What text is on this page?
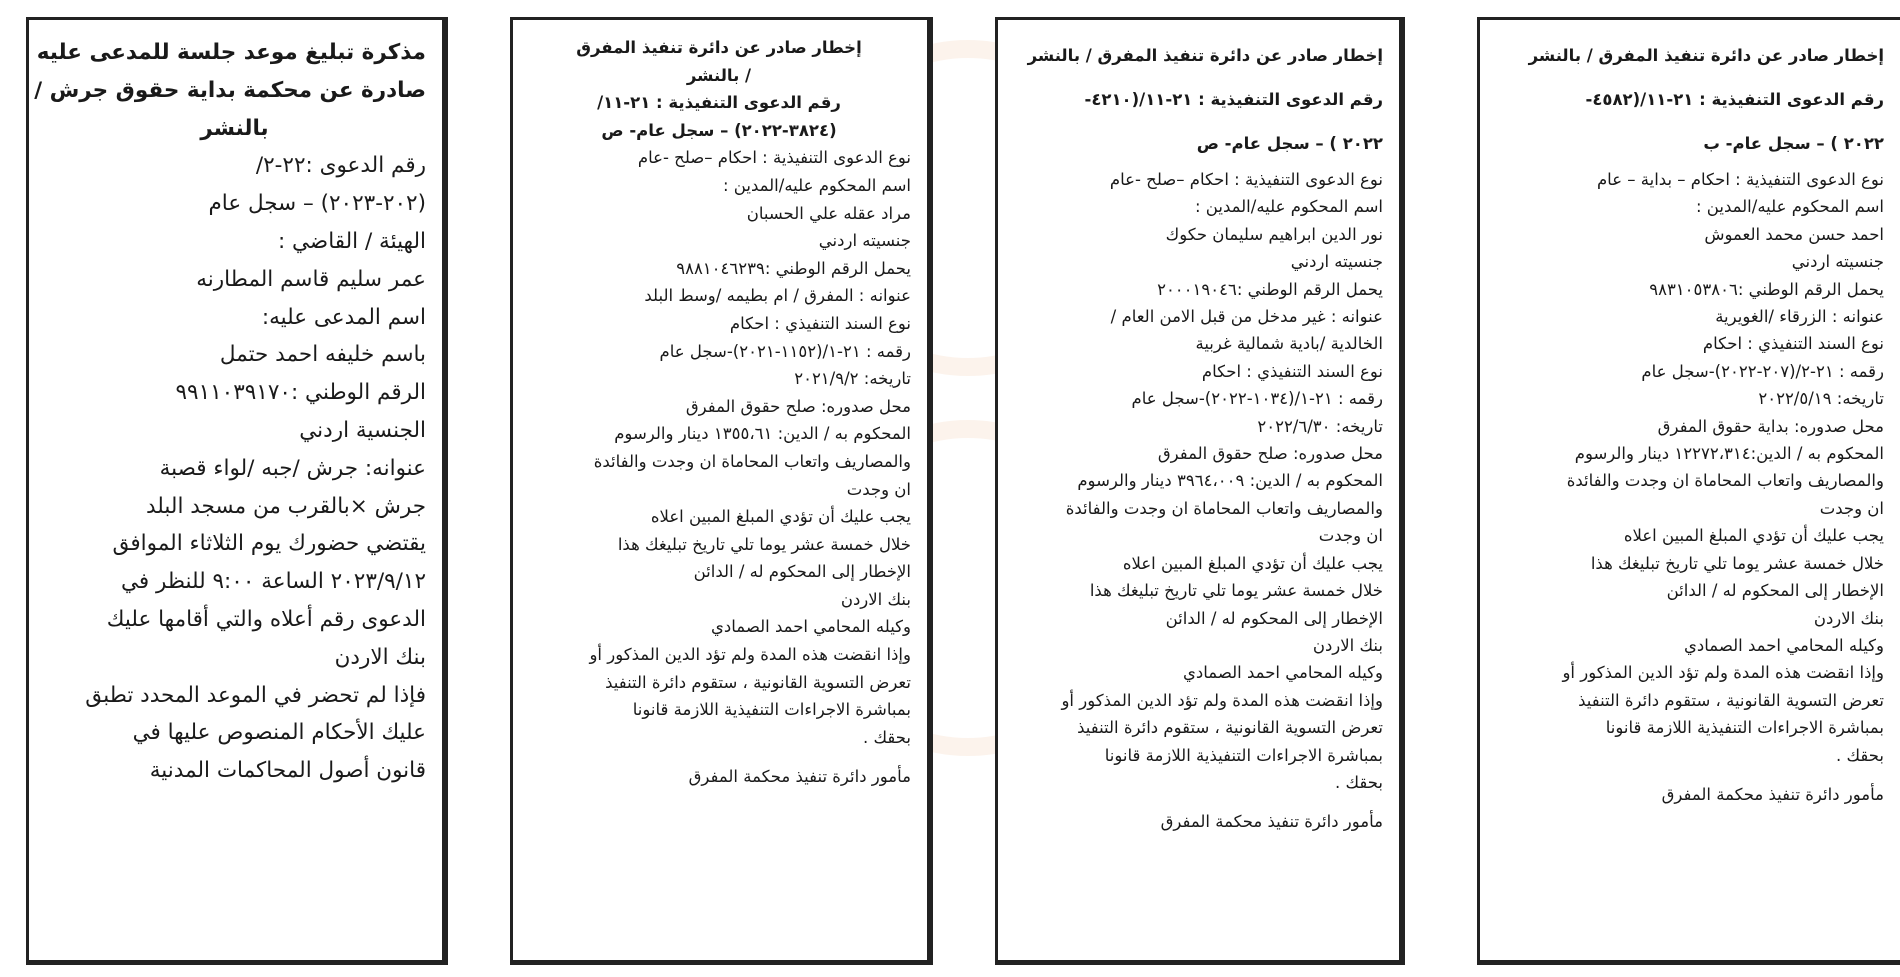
مذكرة تبليغ موعد جلسة للمدعى عليه
صادرة عن محكمة بداية حقوق جرش /
بالنشر
رقم الدعوى :٢٢-٢/
(٢٠٢-٢٠٢٣) – سجل عام
الهيئة / القاضي :
عمر سليم قاسم المطارنه
اسم المدعى عليه:
باسم خليفه احمد حتمل
الرقم الوطني :٩٩١١٠٣٩١٧٠
الجنسية اردني
عنوانه: جرش /جبه /لواء قصبة
جرش ×بالقرب من مسجد البلد
يقتضي حضورك يوم الثلاثاء الموافق
٢٠٢٣/٩/١٢ الساعة ٩:٠٠ للنظر في
الدعوى رقم أعلاه والتي أقامها عليك
بنك الاردن
فإذا لم تحضر في الموعد المحدد تطبق
عليك الأحكام المنصوص عليها في
قانون أصول المحاكمات المدنية
إخطار صادر عن دائرة تنفيذ المفرق
/ بالنشر
رقم الدعوى التنفيذية : ٢١-١١/
(٣٨٢٤-٢٠٢٢) – سجل عام- ص
نوع الدعوى التنفيذية : احكام –صلح -عام
اسم المحكوم عليه/المدين :
مراد عقله علي الحسبان
جنسيته اردني
يحمل الرقم الوطني :٩٨٨١٠٤٦٢٣٩
عنوانه : المفرق / ام بطيمه /وسط البلد
نوع السند التنفيذي : احكام
رقمه : ٢١-١/(١١٥٢-٢٠٢١)-سجل عام
تاريخه: ٢٠٢١/٩/٢
محل صدوره: صلح حقوق المفرق
المحكوم به / الدين: ١٣٥٥،٦١ دينار والرسوم
والمصاريف واتعاب المحاماة ان وجدت والفائدة
ان وجدت
يجب عليك أن تؤدي المبلغ المبين اعلاه
خلال خمسة عشر يوما تلي تاريخ تبليغك هذا
الإخطار إلى المحكوم له / الدائن
بنك الاردن
وكيله المحامي احمد الصمادي
وإذا انقضت هذه المدة ولم تؤد الدين المذكور أو
تعرض التسوية القانونية ، ستقوم دائرة التنفيذ
بمباشرة الاجراءات التنفيذية اللازمة قانونا
بحقك .
مأمور دائرة تنفيذ محكمة المفرق
إخطار صادر عن دائرة تنفيذ المفرق / بالنشر
رقم الدعوى التنفيذية : ٢١-١١/(٤٢١٠-
٢٠٢٢ ) – سجل عام- ص
نوع الدعوى التنفيذية : احكام –صلح -عام
اسم المحكوم عليه/المدين :
نور الدين ابراهيم سليمان حكوك
جنسيته اردني
يحمل الرقم الوطني :٢٠٠٠١٩٠٤٦
عنوانه : غير مدخل من قبل الامن العام /
الخالدية /بادية شمالية غربية
نوع السند التنفيذي : احكام
رقمه : ٢١-١/(١٠٣٤-٢٠٢٢)-سجل عام
تاريخه: ٢٠٢٢/٦/٣٠
محل صدوره: صلح حقوق المفرق
المحكوم به / الدين: ٣٩٦٤،٠٠٩ دينار والرسوم
والمصاريف واتعاب المحاماة ان وجدت والفائدة
ان وجدت
يجب عليك أن تؤدي المبلغ المبين اعلاه
خلال خمسة عشر يوما تلي تاريخ تبليغك هذا
الإخطار إلى المحكوم له / الدائن
بنك الاردن
وكيله المحامي احمد الصمادي
وإذا انقضت هذه المدة ولم تؤد الدين المذكور أو
تعرض التسوية القانونية ، ستقوم دائرة التنفيذ
بمباشرة الاجراءات التنفيذية اللازمة قانونا
بحقك .
مأمور دائرة تنفيذ محكمة المفرق
إخطار صادر عن دائرة تنفيذ المفرق / بالنشر
رقم الدعوى التنفيذية : ٢١-١١/(٤٥٨٢-
٢٠٢٢ ) – سجل عام- ب
نوع الدعوى التنفيذية : احكام – بداية – عام
اسم المحكوم عليه/المدين :
احمد حسن محمد العموش
جنسيته اردني
يحمل الرقم الوطني :٩٨٣١٠٥٣٨٠٦
عنوانه : الزرقاء /الغويرية
نوع السند التنفيذي : احكام
رقمه : ٢١-٢/(٢٠٧-٢٠٢٢)-سجل عام
تاريخه: ٢٠٢٢/٥/١٩
محل صدوره: بداية حقوق المفرق
المحكوم به / الدين:١٢٢٧٢،٣١٤ دينار والرسوم
والمصاريف واتعاب المحاماة ان وجدت والفائدة
ان وجدت
يجب عليك أن تؤدي المبلغ المبين اعلاه
خلال خمسة عشر يوما تلي تاريخ تبليغك هذا
الإخطار إلى المحكوم له / الدائن
بنك الاردن
وكيله المحامي احمد الصمادي
وإذا انقضت هذه المدة ولم تؤد الدين المذكور أو
تعرض التسوية القانونية ، ستقوم دائرة التنفيذ
بمباشرة الاجراءات التنفيذية اللازمة قانونا
بحقك .
مأمور دائرة تنفيذ محكمة المفرق
